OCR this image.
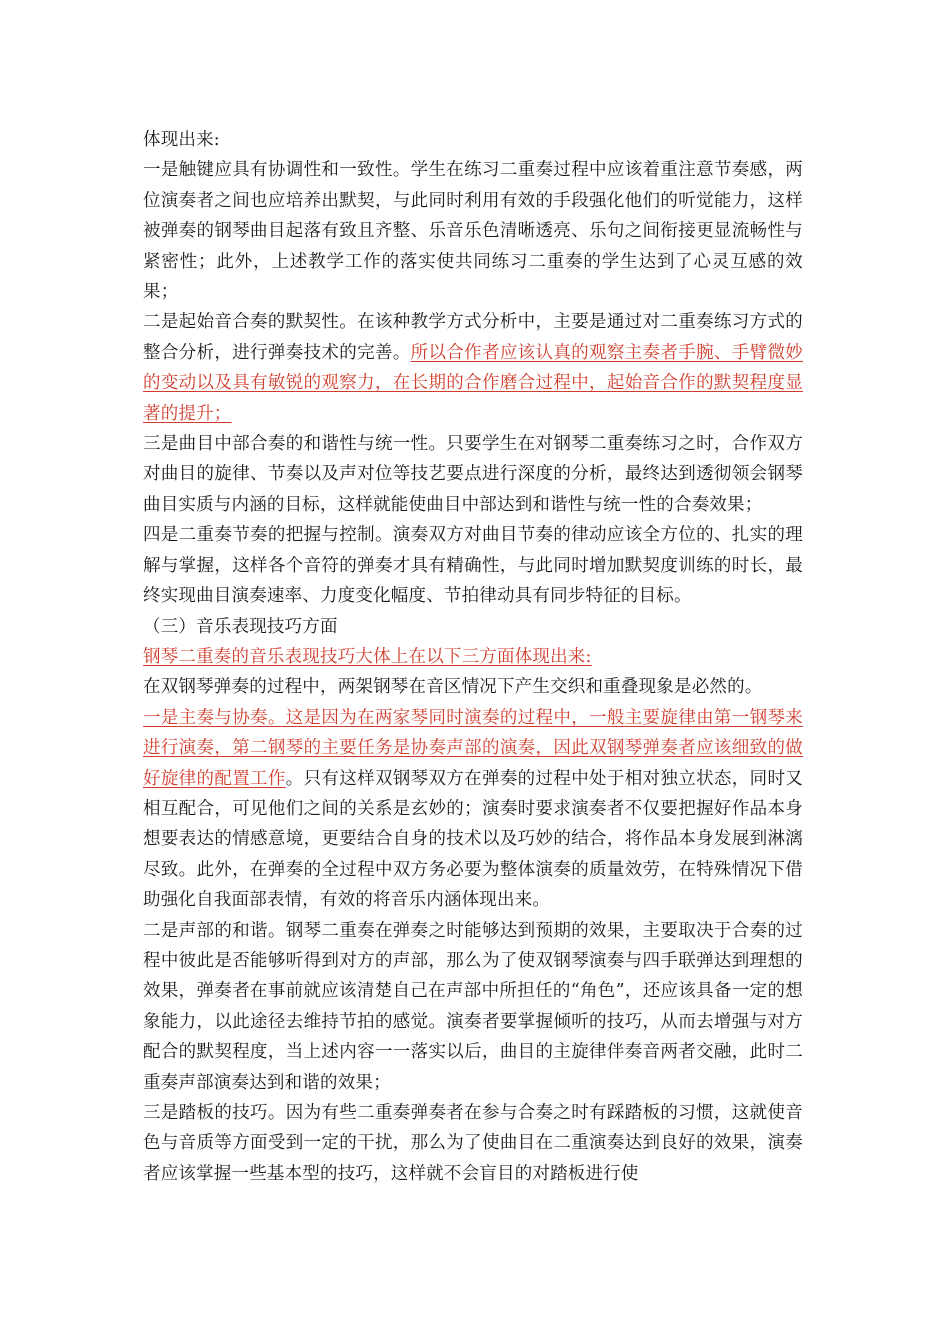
体现出来:

一是触键应具有协调性和一致性。学生在练习二重奏过程中应该着重注意节奏感，两位演奏者之间也应培养出默契，与此同时利用有效的手段强化他们的听觉能力，这样被弹奏的钢琴曲目起落有致且齐整、乐音乐色清晰透亮、乐句之间衔接更显流畅性与紧密性；此外，上述教学工作的落实使共同练习二重奏的学生达到了心灵互感的效果；

二是起始音合奏的默契性。在该种教学方式分析中，主要是通过对二重奏练习方式的整合分析，进行弹奏技术的完善。所以合作者应该认真的观察主奏者手腕、手臂微妙的变动以及具有敏锐的观察力，在长期的合作磨合过程中，起始音合作的默契程度显著的提升；

三是曲目中部合奏的和谐性与统一性。只要学生在对钢琴二重奏练习之时，合作双方对曲目的旋律、节奏以及声对位等技艺要点进行深度的分析，最终达到透彻领会钢琴曲目实质与内涵的目标，这样就能使曲目中部达到和谐性与统一性的合奏效果；

四是二重奏节奏的把握与控制。演奏双方对曲目节奏的律动应该全方位的、扎实的理解与掌握，这样各个音符的弹奏才具有精确性，与此同时增加默契度训练的时长，最终实现曲目演奏速率、力度变化幅度、节拍律动具有同步特征的目标。

（三）音乐表现技巧方面

钢琴二重奏的音乐表现技巧大体上在以下三方面体现出来:

在双钢琴弹奏的过程中，两架钢琴在音区情况下产生交织和重叠现象是必然的。

一是主奏与协奏。这是因为在两家琴同时演奏的过程中，一般主要旋律由第一钢琴来进行演奏，第二钢琴的主要任务是协奏声部的演奏，因此双钢琴弹奏者应该细致的做好旋律的配置工作。只有这样双钢琴双方在弹奏的过程中处于相对独立状态，同时又相互配合，可见他们之间的关系是玄妙的；演奏时要求演奏者不仅要把握好作品本身想要表达的情感意境，更要结合自身的技术以及巧妙的结合，将作品本身发展到淋漓尽致。此外，在弹奏的全过程中双方务必要为整体演奏的质量效劳，在特殊情况下借助强化自我面部表情，有效的将音乐内涵体现出来。

二是声部的和谐。钢琴二重奏在弹奏之时能够达到预期的效果，主要取决于合奏的过程中彼此是否能够听得到对方的声部，那么为了使双钢琴演奏与四手联弹达到理想的效果，弹奏者在事前就应该清楚自己在声部中所担任的“角色”，还应该具备一定的想象能力，以此途径去维持节拍的感觉。演奏者要掌握倾听的技巧，从而去增强与对方配合的默契程度，当上述内容一一落实以后，曲目的主旋律伴奏音两者交融，此时二重奏声部演奏达到和谐的效果；

三是踏板的技巧。因为有些二重奏弹奏者在参与合奏之时有踩踏板的习惯，这就使音色与音质等方面受到一定的干扰，那么为了使曲目在二重演奏达到良好的效果，演奏者应该掌握一些基本型的技巧，这样就不会盲目的对踏板进行使
